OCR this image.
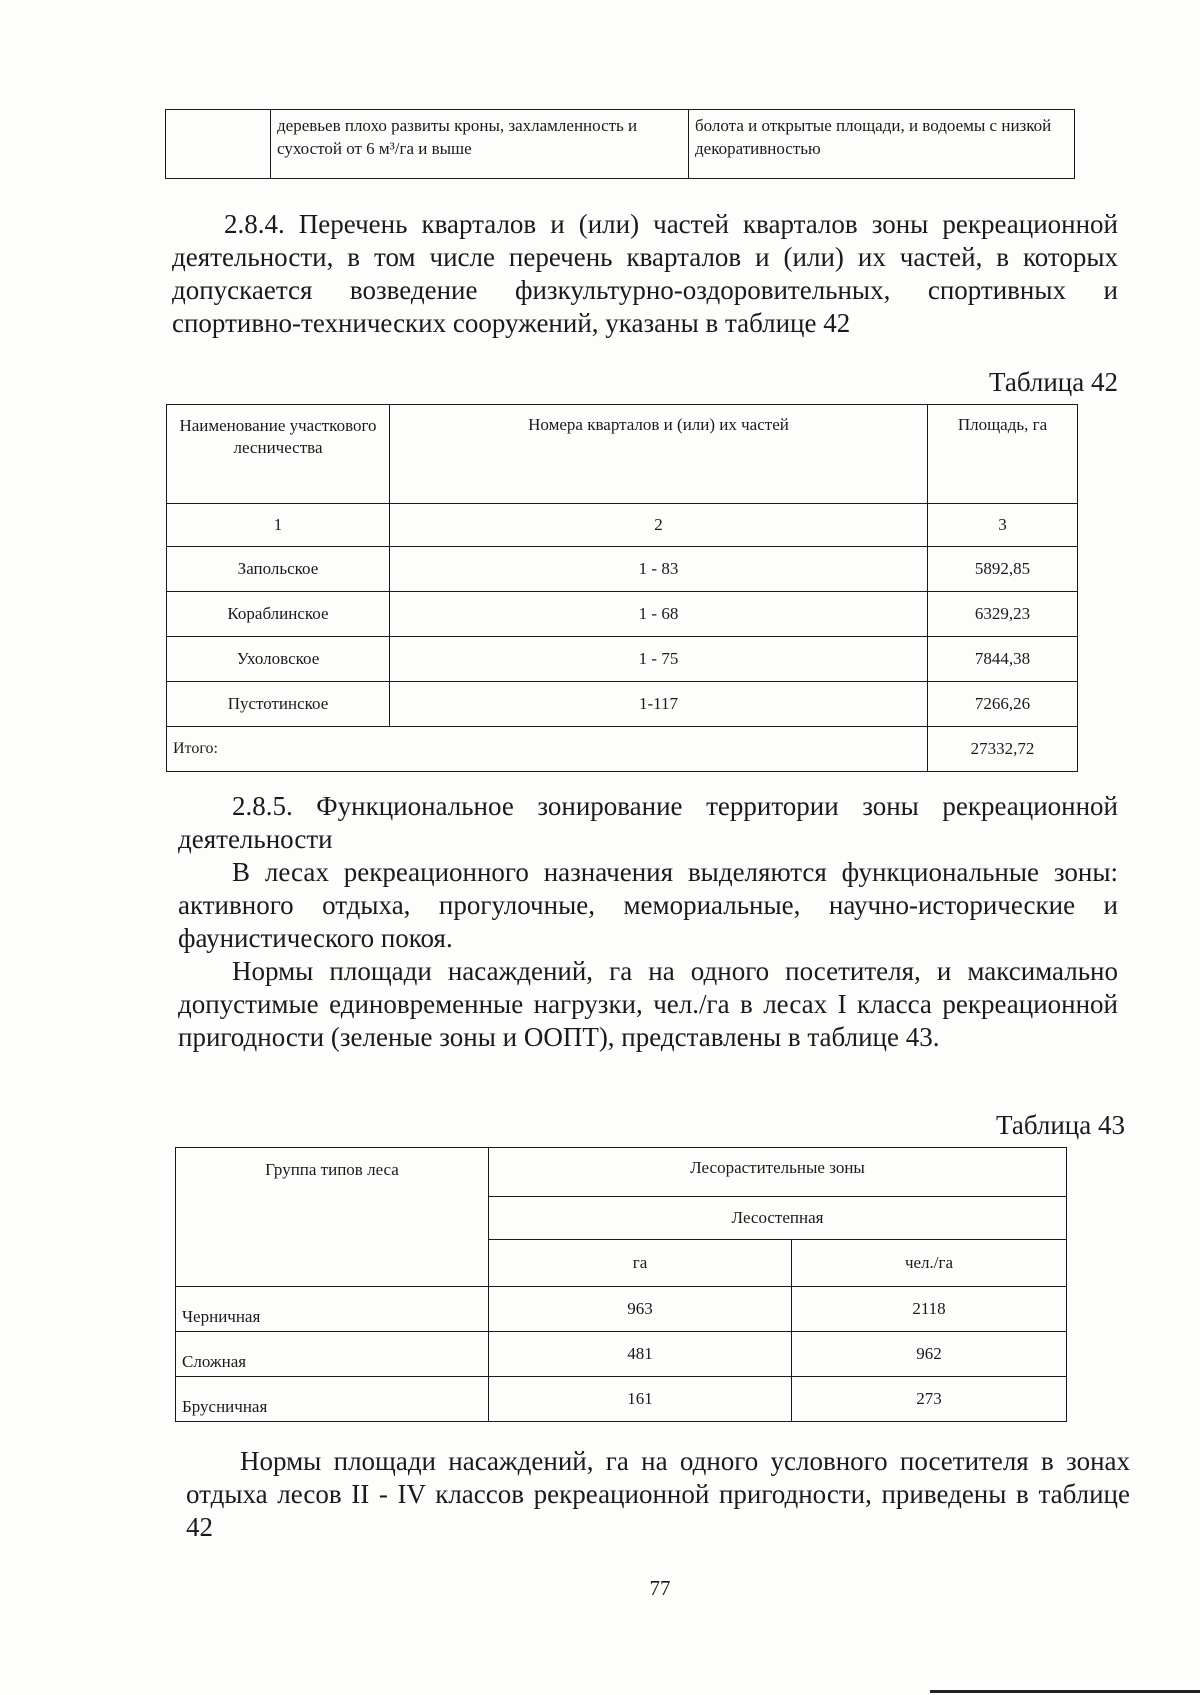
	деревьев плохо развиты кроны, захламленность и сухостой от 6 м³/га и выше	болота и открытые площади, и водоемы с низкой декоративностью

2.8.4. Перечень кварталов и (или) частей кварталов зоны рекреационной деятельности, в том числе перечень кварталов и (или) их частей, в которых допускается возведение физкультурно-оздоровительных, спортивных и спортивно-технических сооружений, указаны в таблице 42

Таблица 42
Наименование участкового лесничества	Номера кварталов и (или) их частей	Площадь, га
1	2	3
Запольское	1 - 83	5892,85
Кораблинское	1 - 68	6329,23
Ухоловское	1 - 75	7844,38
Пустотинское	1-117	7266,26
Итого:		27332,72

2.8.5. Функциональное зонирование территории зоны рекреационной деятельности

В лесах рекреационного назначения выделяются функциональные зоны: активного отдыха, прогулочные, мемориальные, научно-исторические и фаунистического покоя.

Нормы площади насаждений, га на одного посетителя, и максимально допустимые единовременные нагрузки, чел./га в лесах I класса рекреационной пригодности (зеленые зоны и ООПТ), представлены в таблице 43.

Таблица 43
Группа типов леса	Лесорастительные зоны	
	Лесостепная	
	га	чел./га
Черничная	963	2118
Сложная	481	962
Брусничная	161	273

Нормы площади насаждений, га на одного условного посетителя в зонах отдыха лесов II - IV классов рекреационной пригодности, приведены в таблице 42

77
